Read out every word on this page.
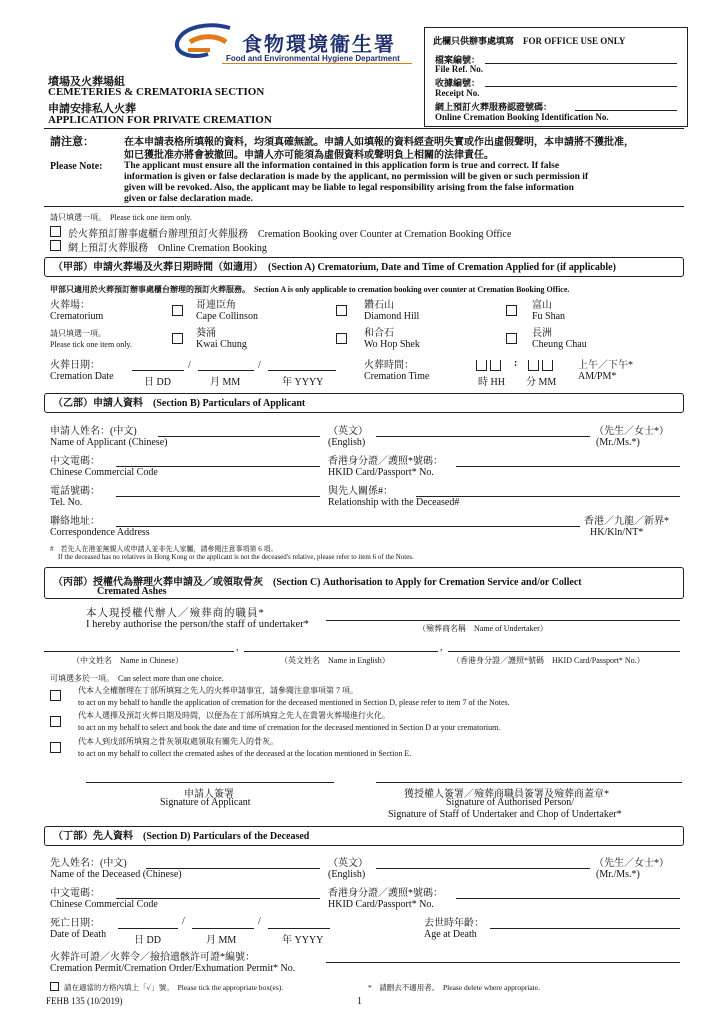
食物環境衞生署
Food and Environmental Hygiene Department
墳場及火葬場組
CEMETERIES & CREMATORIA SECTION
申請安排私人火葬
APPLICATION FOR PRIVATE CREMATION
此欄只供辦事處填寫　FOR OFFICE USE ONLY
檔案編號：
File Ref. No.
收據編號：
Receipt No.
網上預訂火葬服務認證號碼：
Online Cremation Booking Identification No.
請注意：	在本申請表格所填報的資料，均須真確無訛。申請人如填報的資料經查明失實或作出虛假聲明，本申請將不獲批准，
如已獲批准亦將會被撤回。申請人亦可能須為虛假資料或聲明負上相關的法律責任。
Please Note: The applicant must ensure all the information contained in this application form is true and correct. If false
information is given or false declaration is made by the applicant, no permission will be given or such permission if
given will be revoked. Also, the applicant may be liable to legal responsibility arising from the false information
given or false declaration made.
請只填選一項。　Please tick one item only.
於火葬預訂辦事處櫃台辦理預訂火葬服務　Cremation Booking over Counter at Cremation Booking Office
網上預訂火葬服務　Online Cremation Booking
（甲部）申請火葬場及火葬日期時間（如適用）　(Section A) Crematorium, Date and Time of Cremation Applied for (if applicable)
甲部只適用於火葬預訂辦事處櫃台辦理的預訂火葬服務。　Section A is only applicable to cremation booking over counter at Cremation Booking Office.
火葬場：
Crematorium
請只填選一項。
Please tick one item only.
哥連臣角
Cape Collinson
鑽石山
Diamond Hill
富山
Fu Shan
葵涌
Kwai Chung
和合石
Wo Hop Shek
長洲
Cheung Chau
火葬日期：
Cremation Date
/	/
日 DD	月 MM	年 YYYY
火葬時間：
Cremation Time
:
時 HH 分 MM
上午／下午*
AM/PM*
（乙部）申請人資料　(Section B) Particulars of Applicant
申請人姓名：(中文)
Name of Applicant (Chinese)
（英文）
(English)
（先生／女士*）
(Mr./Ms.*)
中文電碼：
Chinese Commercial Code
香港身分證／護照*號碼：
HKID Card/Passport* No.
電話號碼：
Tel. No.
與先人關係#：
Relationship with the Deceased#
聯絡地址：
Correspondence Address
香港／九龍／新界*
HK/Kln/NT*
#　若先人在港並無親人或申請人並非先人家屬，請參閱注意事項第 6 項。
If the deceased has no relatives in Hong Kong or the applicant is not the deceased's relative, please refer to item 6 of the Notes.
（丙部）授權代為辦理火葬申請及／或領取骨灰　(Section C) Authorisation to Apply for Cremation Service and/or Collect
Cremated Ashes
本人現授權代辦人／殮葬商的職員*
I hereby authorise the person/the staff of undertaker*	（殮葬商名稱　Name of Undertaker）
,	,
（中文姓名　Name in Chinese）	（英文姓名　Name in English）	（香港身分證／護照*號碼　HKID Card/Passport* No.）
可填選多於一項。　Can select more than one choice.
代本人全權辦理在丁部所填寫之先人的火葬申請事宜，請參閱注意事項第 7 項。
to act on my behalf to handle the application of cremation for the deceased mentioned in Section D, please refer to item 7 of the Notes.
代本人選擇及預訂火葬日期及時間，以便為在丁部所填寫之先人在貴署火葬場進行火化。
to act on my behalf to select and book the date and time of cremation for the deceased mentioned in Section D at your crematorium.
代本人到戊部所填寫之骨灰領取處領取有關先人的骨灰。
to act on my behalf to collect the cremated ashes of the deceased at the location mentioned in Section E.
申請人簽署
Signature of Applicant
獲授權人簽署／殮葬商職員簽署及殮葬商蓋章*
Signature of Authorised Person/
Signature of Staff of Undertaker and Chop of Undertaker*
（丁部）先人資料　(Section D) Particulars of the Deceased
先人姓名：(中文)
Name of the Deceased (Chinese)
（英文）
(English)
（先生／女士*）
(Mr./Ms.*)
中文電碼：
Chinese Commercial Code
香港身分證／護照*號碼：
HKID Card/Passport* No.
死亡日期：
Date of Death
/	/
日 DD	月 MM	年 YYYY
去世時年齡：
Age at Death
火葬許可證／火葬令／撿拾遺骸許可證*編號：
Cremation Permit/Cremation Order/Exhumation Permit* No.
請在適當的方格內填上「✓」號。　Please tick the appropriate box(es).	*　請刪去不適用者。　Please delete where appropriate.
FEHB 135 (10/2019)	1
